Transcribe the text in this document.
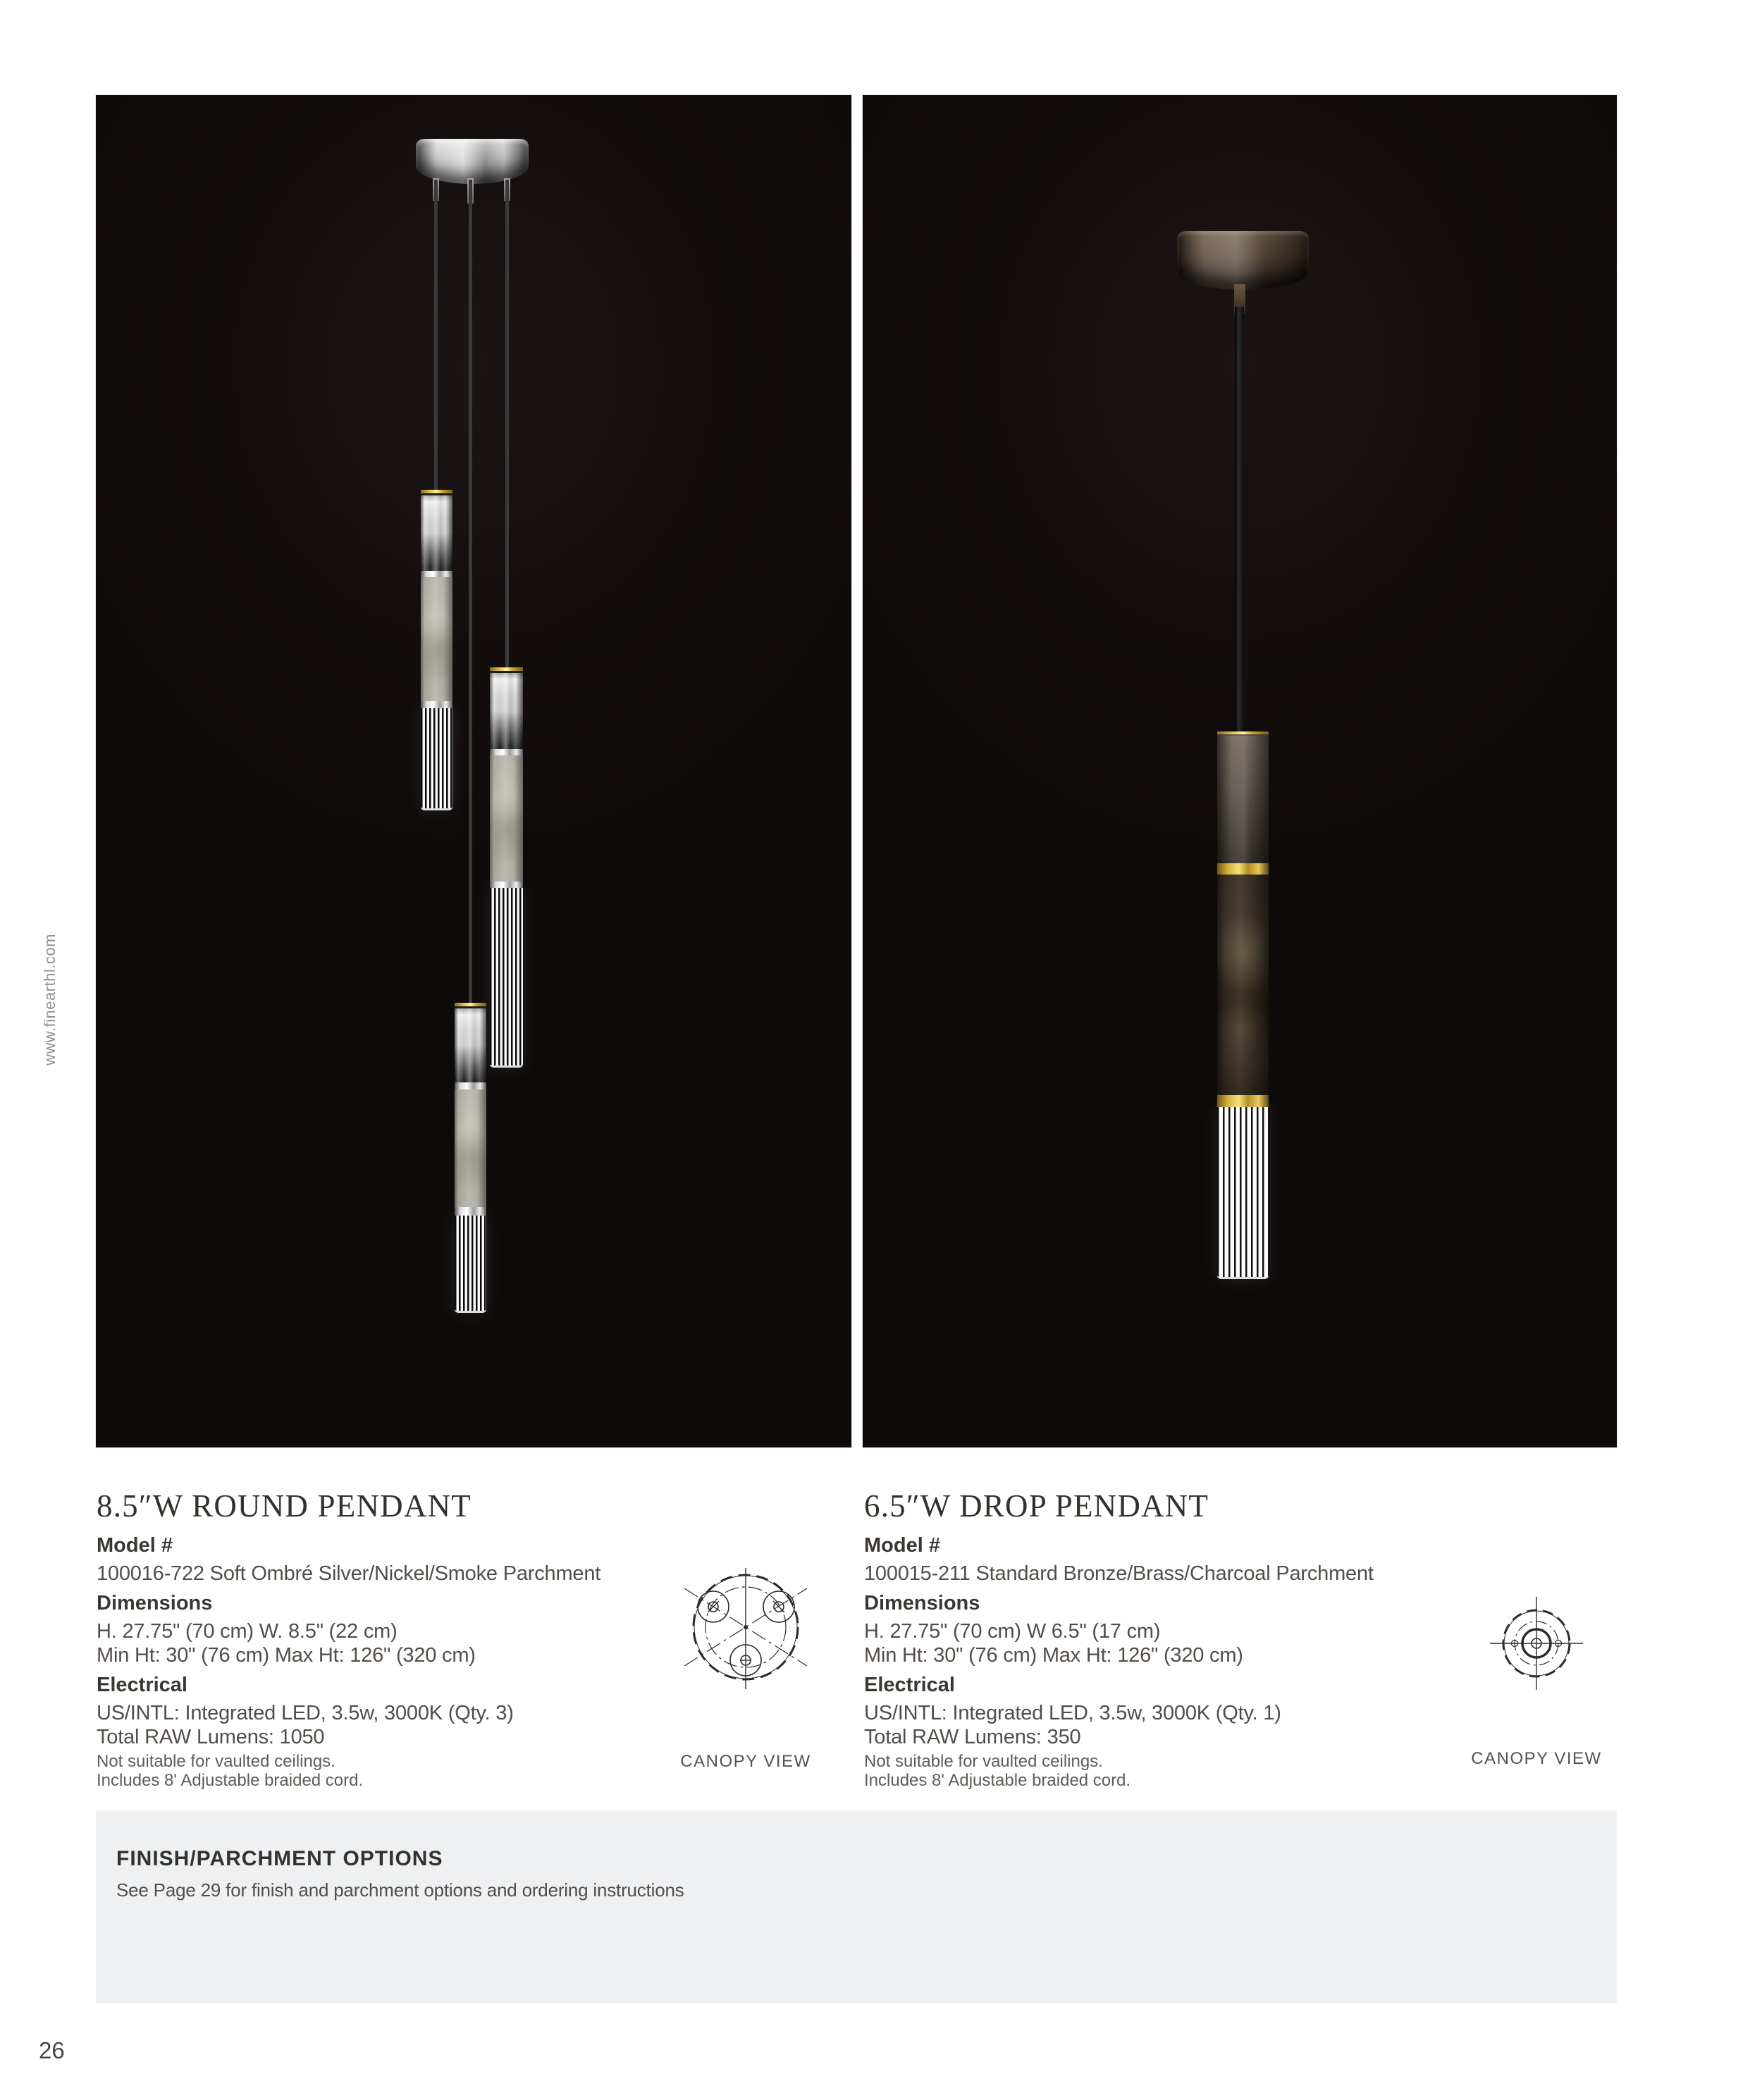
www.finearthl.com
8.5″W ROUND PENDANT
Model #
100016-722 Soft Ombré Silver/Nickel/Smoke Parchment
Dimensions
H. 27.75" (70 cm) W. 8.5" (22 cm)
Min Ht: 30" (76 cm) Max Ht: 126" (320 cm)
Electrical
US/INTL: Integrated LED, 3.5w, 3000K (Qty. 3)
Total RAW Lumens: 1050
Not suitable for vaulted ceilings.
Includes 8' Adjustable braided cord.
CANOPY VIEW
6.5″W DROP PENDANT
Model #
100015-211 Standard Bronze/Brass/Charcoal Parchment
Dimensions
H. 27.75" (70 cm) W 6.5" (17 cm)
Min Ht: 30" (76 cm) Max Ht: 126" (320 cm)
Electrical
US/INTL: Integrated LED, 3.5w, 3000K (Qty. 1)
Total RAW Lumens: 350
Not suitable for vaulted ceilings.
Includes 8' Adjustable braided cord.
CANOPY VIEW
FINISH/PARCHMENT OPTIONS
See Page 29 for finish and parchment options and ordering instructions
26
